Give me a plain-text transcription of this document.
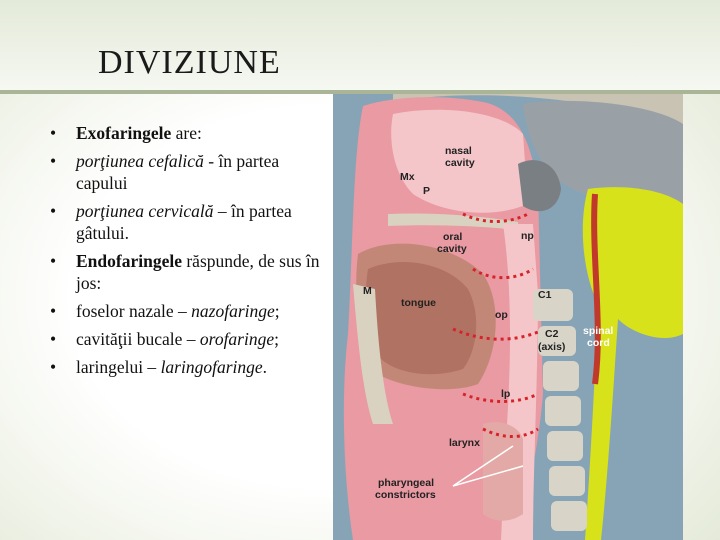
DIVIZIUNE
• Exofaringele are:
• porţiunea cefalică - în partea capului
• porţiunea cervicală – în partea gâtului.
• Endofaringele răspunde, de sus în jos:
• foselor nazale – nazofaringe;
• cavităţii bucale – orofaringe;
• laringelui – laringofaringe.
nasal
cavity
Mx
P
oral
cavity
np
M
tongue
C1
op
C2
(axis)
spinal
cord
lp
larynx
pharyngeal
constrictors
